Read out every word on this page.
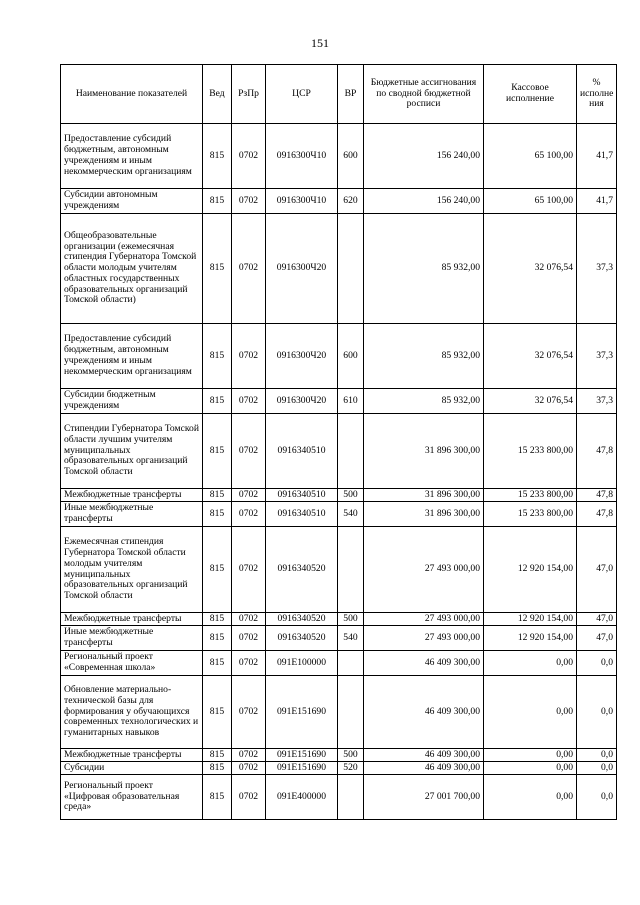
151
Наименование показателей	Вед	РзПр	ЦСР	ВР	Бюджетные ассигнования по сводной бюджетной росписи	Кассовое исполнение	% исполне ния
Предоставление субсидий бюджетным, автономным учреждениям и иным некоммерческим организациям	815	0702	0916300Ч10	600	156 240,00	65 100,00	41,7
Субсидии автономным учреждениям	815	0702	0916300Ч10	620	156 240,00	65 100,00	41,7
Общеобразовательные организации (ежемесячная стипендия Губернатора Томской области молодым учителям областных государственных образовательных организаций Томской области)	815	0702	0916300Ч20		85 932,00	32 076,54	37,3
Предоставление субсидий бюджетным, автономным учреждениям и иным некоммерческим организациям	815	0702	0916300Ч20	600	85 932,00	32 076,54	37,3
Субсидии бюджетным учреждениям	815	0702	0916300Ч20	610	85 932,00	32 076,54	37,3
Стипендии Губернатора Томской области лучшим учителям муниципальных образовательных организаций Томской области	815	0702	0916340510		31 896 300,00	15 233 800,00	47,8
Межбюджетные трансферты	815	0702	0916340510	500	31 896 300,00	15 233 800,00	47,8
Иные межбюджетные трансферты	815	0702	0916340510	540	31 896 300,00	15 233 800,00	47,8
Ежемесячная стипендия Губернатора Томской области молодым учителям муниципальных образовательных организаций Томской области	815	0702	0916340520		27 493 000,00	12 920 154,00	47,0
Межбюджетные трансферты	815	0702	0916340520	500	27 493 000,00	12 920 154,00	47,0
Иные межбюджетные трансферты	815	0702	0916340520	540	27 493 000,00	12 920 154,00	47,0
Региональный проект «Современная школа»	815	0702	091E100000		46 409 300,00	0,00	0,0
Обновление материально-технической базы для формирования у обучающихся современных технологических и гуманитарных навыков	815	0702	091E151690		46 409 300,00	0,00	0,0
Межбюджетные трансферты	815	0702	091E151690	500	46 409 300,00	0,00	0,0
Субсидии	815	0702	091E151690	520	46 409 300,00	0,00	0,0
Региональный проект «Цифровая образовательная среда»	815	0702	091E400000		27 001 700,00	0,00	0,0
